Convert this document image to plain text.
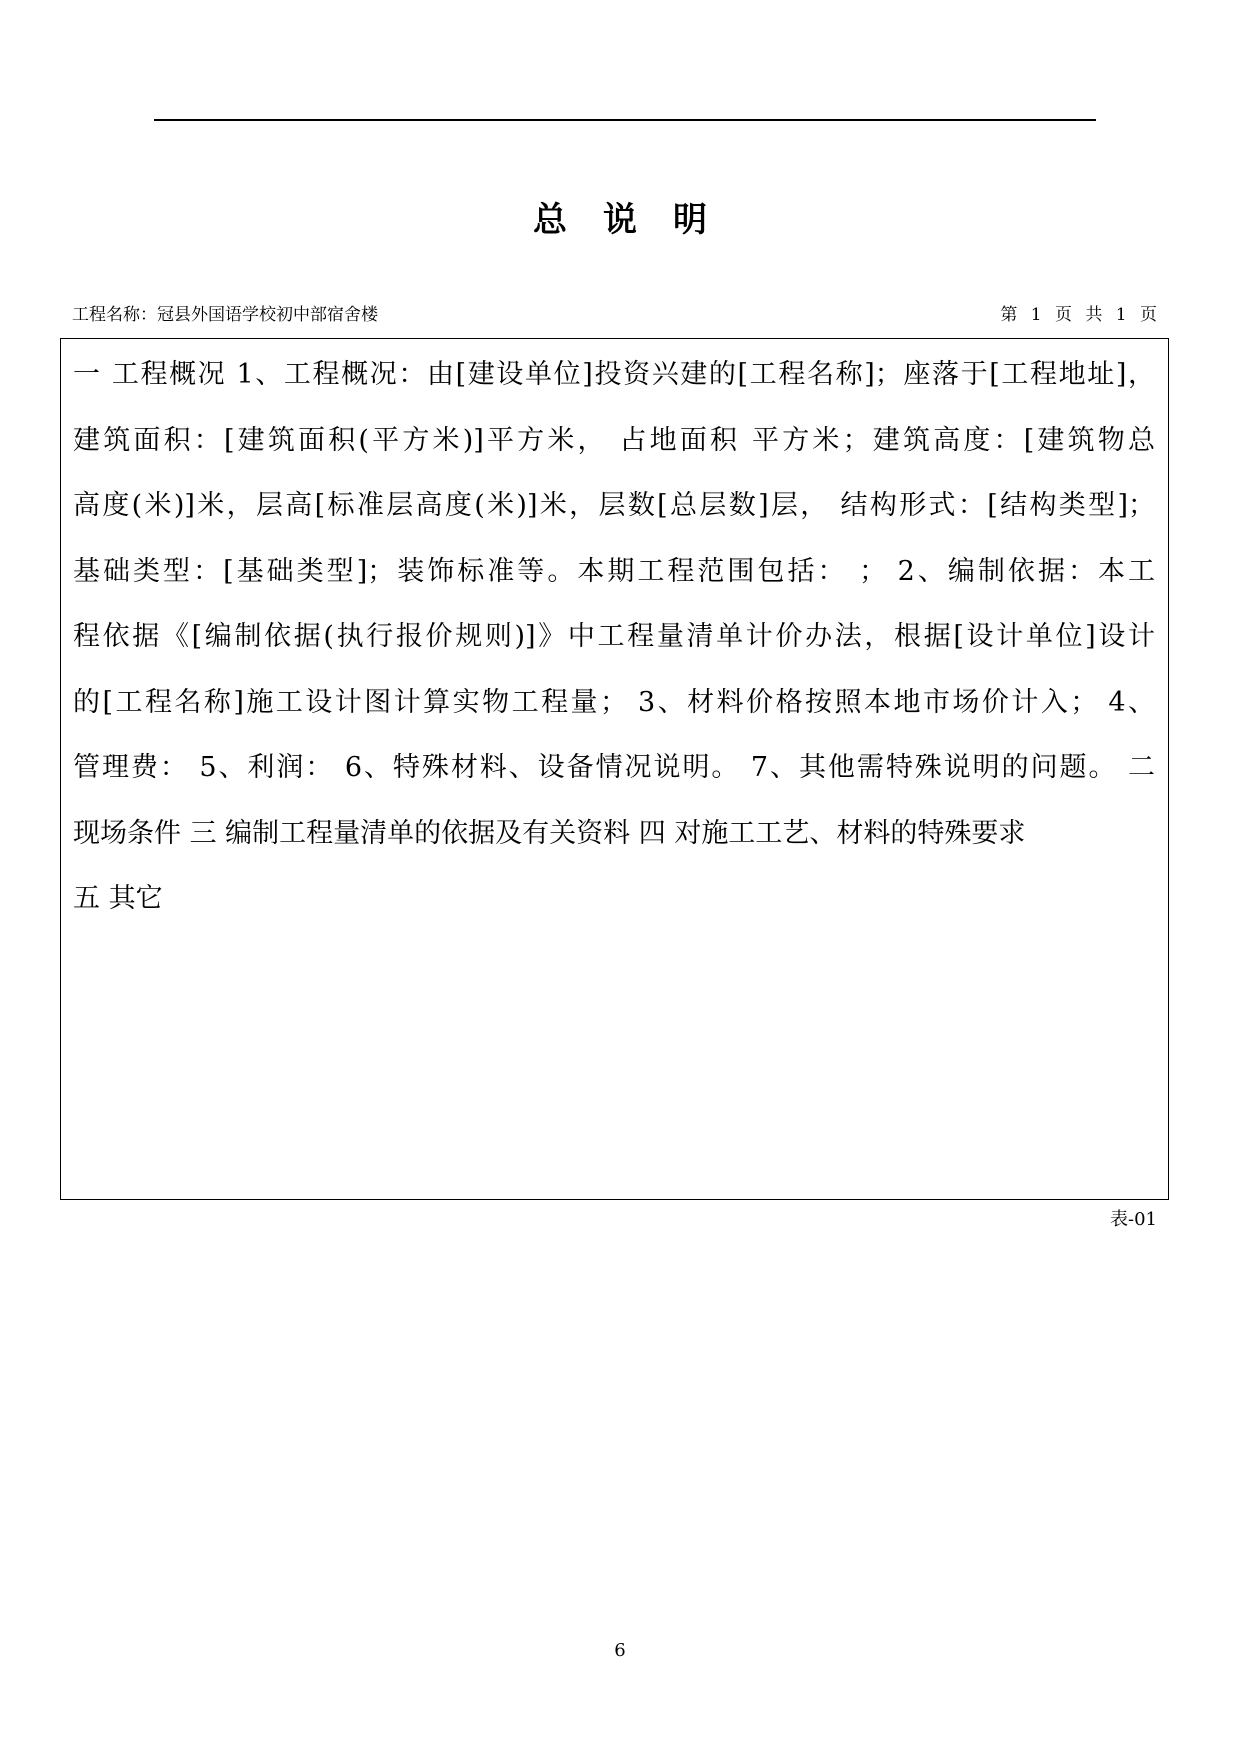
总说明
工程名称：冠县外国语学校初中部宿舍楼	第 1 页 共 1 页
一 工程概况 1、工程概况：由[建设单位]投资兴建的[工程名称]；座落于[工程地址]，
建筑面积：[建筑面积(平方米)]平方米， 占地面积 平方米；建筑高度：[建筑物总
高度(米)]米，层高[标准层高度(米)]米，层数[总层数]层， 结构形式：[结构类型]；
基础类型：[基础类型]；装饰标准等。本期工程范围包括： ； 2、编制依据：本工
程依据《[编制依据(执行报价规则)]》中工程量清单计价办法，根据[设计单位]设计
的[工程名称]施工设计图计算实物工程量； 3、材料价格按照本地市场价计入； 4、
管理费： 5、利润： 6、特殊材料、设备情况说明。 7、其他需特殊说明的问题。 二
现场条件 三 编制工程量清单的依据及有关资料 四 对施工工艺、材料的特殊要求
五 其它
表-01
6
